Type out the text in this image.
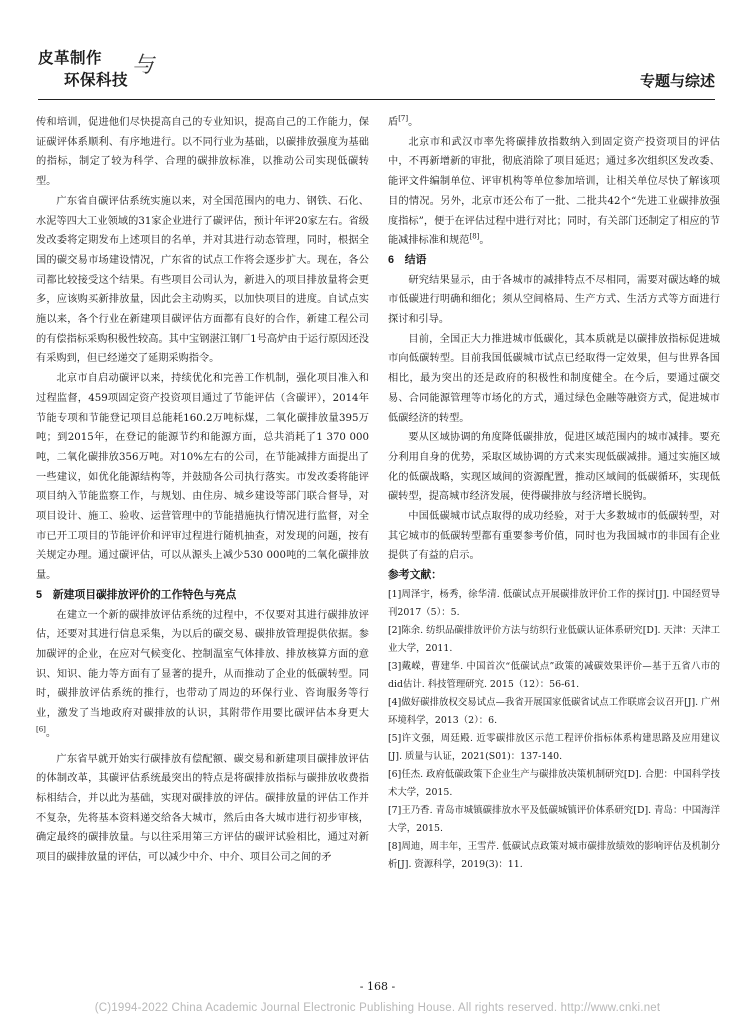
皮革制作 与
环保科技	专题与综述

传和培训，促进他们尽快提高自己的专业知识，提高自己的工作能力，保证碳评体系顺利、有序地进行。以不同行业为基础，以碳排放强度为基础的指标，制定了较为科学、合理的碳排放标准，以推动公司实现低碳转型。

广东省自碳评估系统实施以来，对全国范围内的电力、钢铁、石化、水泥等四大工业领域的31家企业进行了碳评估，预计年评20家左右。省级发改委将定期发布上述项目的名单，并对其进行动态管理，同时，根据全国的碳交易市场建设情况，广东省的试点工作将会逐步扩大。现在，各公司都比较接受这个结果。有些项目公司认为，新进入的项目排放量将会更多，应该购买新排放量，因此会主动购买，以加快项目的进度。自试点实施以来，各个行业在新建项目碳评估方面都有良好的合作，新建工程公司的有偿指标采购积极性较高。其中宝钢湛江钢厂1号高炉由于运行原因还没有采购到，但已经递交了延期采购指令。

北京市自启动碳评以来，持续优化和完善工作机制，强化项目准入和过程监督，459项固定资产投资项目通过了节能评估（含碳评），2014年节能专项和节能登记项目总能耗160.2万吨标煤，二氧化碳排放量395万吨；到2015年，在登记的能源节约和能源方面，总共消耗了1 370 000吨，二氧化碳排放356万吨。对10%左右的公司，在节能减排方面提出了一些建议，如优化能源结构等，并鼓励各公司执行落实。市发改委将能评项目纳入节能监察工作，与规划、由住房、城乡建设等部门联合督导，对项目设计、施工、验收、运营管理中的节能措施执行情况进行监督，对全市已开工项目的节能评价和评审过程进行随机抽查，对发现的问题，按有关规定办理。通过碳评估，可以从源头上减少530 000吨的二氧化碳排放量。

5　新建项目碳排放评价的工作特色与亮点

在建立一个新的碳排放评估系统的过程中，不仅要对其进行碳排放评估，还要对其进行信息采集，为以后的碳交易、碳排放管理提供依据。参加碳评的企业，在应对气候变化、控制温室气体排放、排放核算方面的意识、知识、能力等方面有了显著的提升，从而推动了企业的低碳转型。同时，碳排放评估系统的推行，也带动了周边的环保行业、咨询服务等行业，激发了当地政府对碳排放的认识，其附带作用要比碳评估本身更大[6]。

广东省早就开始实行碳排放有偿配额、碳交易和新建项目碳排放评估的体制改革，其碳评估系统最突出的特点是将碳排放指标与碳排放收费指标相结合，并以此为基础，实现对碳排放的评估。碳排放量的评估工作并不复杂，先将基本资料递交给各大城市，然后由各大城市进行初步审核，确定最终的碳排放量。与以往采用第三方评估的碳评试验相比，通过对新项目的碳排放量的评估，可以减少中介、中介、项目公司之间的矛

盾[7]。

北京市和武汉市率先将碳排放指数纳入到固定资产投资项目的评估中，不再新增新的审批，彻底消除了项目延迟；通过多次组织区发改委、能评文件编制单位、评审机构等单位参加培训，让相关单位尽快了解该项目的情况。另外，北京市还公布了一批、二批共42个“先进工业碳排放强度指标”，便于在评估过程中进行对比；同时，有关部门还制定了相应的节能减排标准和规范[8]。

6　结语

研究结果显示，由于各城市的减排特点不尽相同，需要对碳达峰的城市低碳进行明确和细化；须从空间格局、生产方式、生活方式等方面进行探讨和引导。

目前，全国正大力推进城市低碳化，其本质就是以碳排放指标促进城市向低碳转型。目前我国低碳城市试点已经取得一定效果，但与世界各国相比，最为突出的还是政府的积极性和制度健全。在今后，要通过碳交易、合同能源管理等市场化的方式，通过绿色金融等融资方式，促进城市低碳经济的转型。

要从区域协调的角度降低碳排放，促进区域范围内的城市减排。要充分利用自身的优势，采取区域协调的方式来实现低碳减排。通过实施区域化的低碳战略，实现区域间的资源配置，推动区域间的低碳循环，实现低碳转型，提高城市经济发展，使得碳排放与经济增长脱钩。

中国低碳城市试点取得的成功经验，对于大多数城市的低碳转型，对其它城市的低碳转型都有重要参考价值，同时也为我国城市的非国有企业提供了有益的启示。

参考文献：

[1]周泽宇，杨秀，徐华清. 低碳试点开展碳排放评价工作的探讨[J]. 中国经贸导刊2017（5）：5.

[2]陈余. 纺织品碳排放评价方法与纺织行业低碳认证体系研究[D]. 天津：天津工业大学，2011.

[3]戴嵘，曹建华. 中国首次“低碳试点”政策的减碳效果评价—基于五省八市的did估计. 科技管理研究. 2015（12）：56-61.

[4]做好碳排放权交易试点—我省开展国家低碳省试点工作联席会议召开[J]. 广州环境科学，2013（2）：6.

[5]许文强，周廷殿. 近零碳排放区示范工程评价指标体系构建思路及应用建议[J]. 质量与认证，2021(S01)：137-140.

[6]任杰. 政府低碳政策下企业生产与碳排放决策机制研究[D]. 合肥：中国科学技术大学，2015.

[7]王乃香. 青岛市城镇碳排放水平及低碳城镇评价体系研究[D]. 青岛：中国海洋大学，2015.

[8]周迪，周丰年，王雪芹. 低碳试点政策对城市碳排放绩效的影响评估及机制分析[J]. 资源科学，2019(3)：11.

- 168 -
(C)1994-2022 China Academic Journal Electronic Publishing House. All rights reserved. http://www.cnki.net
